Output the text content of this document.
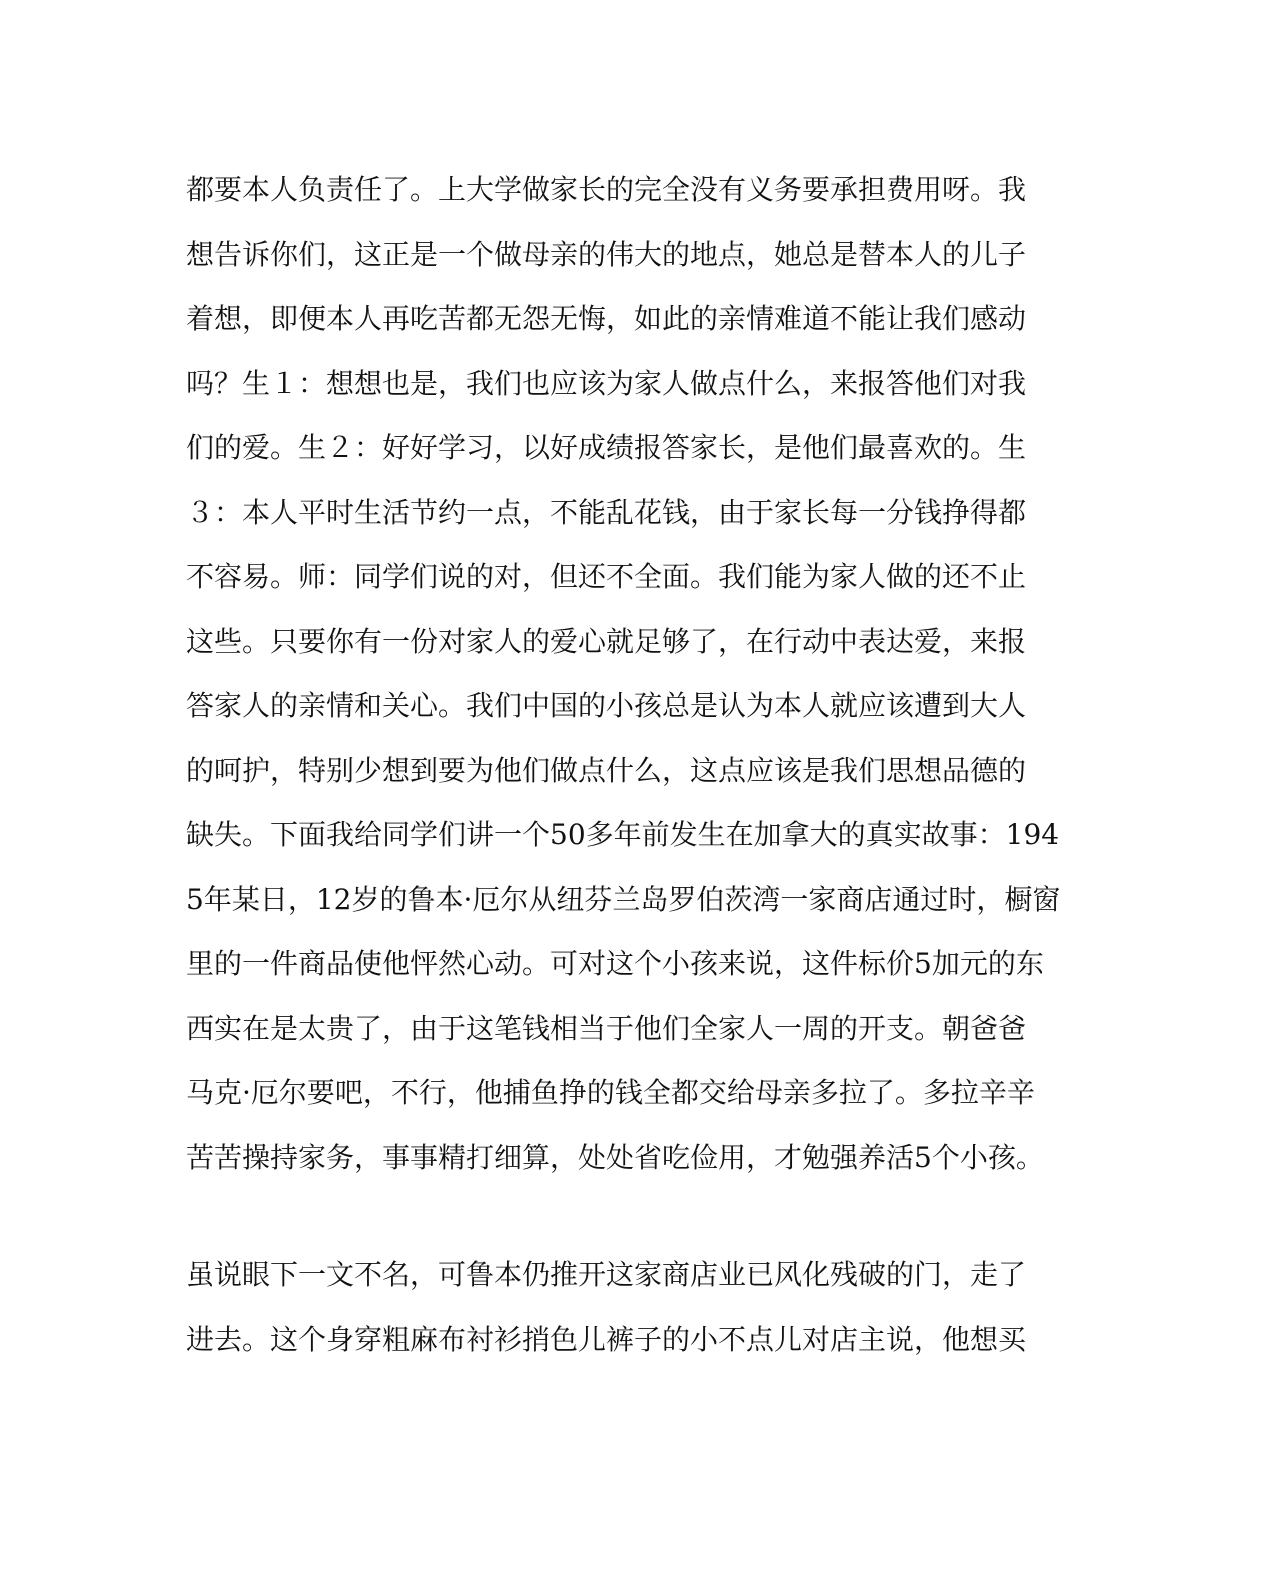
都要本人负责任了。上大学做家长的完全没有义务要承担费用呀。我
想告诉你们，这正是一个做母亲的伟大的地点，她总是替本人的儿子
着想，即便本人再吃苦都无怨无悔，如此的亲情难道不能让我们感动
吗？生１：想想也是，我们也应该为家人做点什么，来报答他们对我
们的爱。生２：好好学习，以好成绩报答家长，是他们最喜欢的。生
３：本人平时生活节约一点，不能乱花钱，由于家长每一分钱挣得都
不容易。师：同学们说的对，但还不全面。我们能为家人做的还不止
这些。只要你有一份对家人的爱心就足够了，在行动中表达爱，来报
答家人的亲情和关心。我们中国的小孩总是认为本人就应该遭到大人
的呵护，特别少想到要为他们做点什么，这点应该是我们思想品德的
缺失。下面我给同学们讲一个50多年前发生在加拿大的真实故事：194
5年某日，12岁的鲁本·厄尔从纽芬兰岛罗伯茨湾一家商店通过时，橱窗
里的一件商品使他怦然心动。可对这个小孩来说，这件标价5加元的东
西实在是太贵了，由于这笔钱相当于他们全家人一周的开支。朝爸爸
马克·厄尔要吧，不行，他捕鱼挣的钱全都交给母亲多拉了。多拉辛辛
苦苦操持家务，事事精打细算，处处省吃俭用，才勉强养活5个小孩。
虽说眼下一文不名，可鲁本仍推开这家商店业已风化残破的门，走了
进去。这个身穿粗麻布衬衫捎色儿裤子的小不点儿对店主说，他想买
